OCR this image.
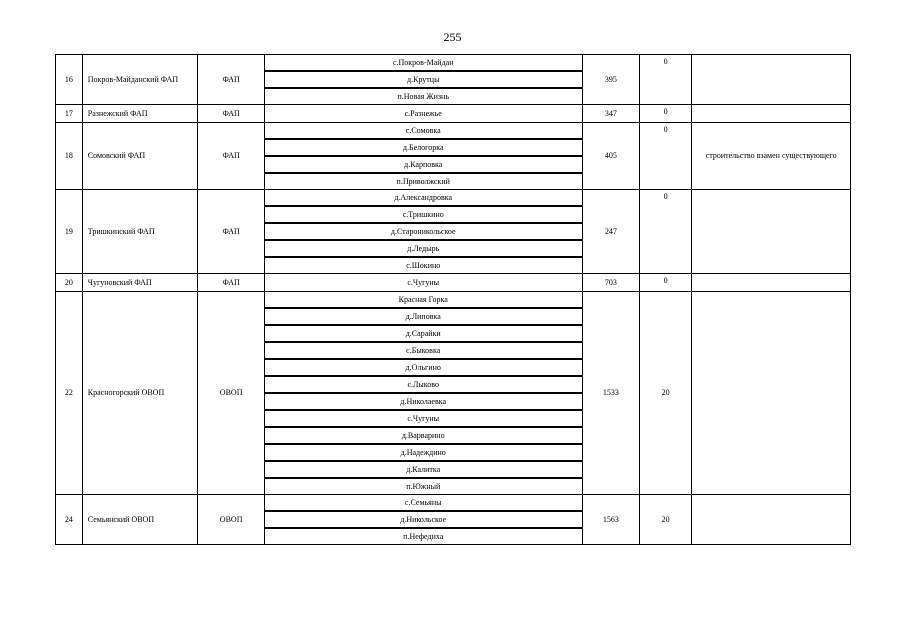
255
16	Покров-Майданский ФАП	ФАП	с.Покров-Майдан	395	0	
			д.Крутцы			
			п.Новая Жизнь			
17	Разнежский ФАП	ФАП	с.Разнежье	347	0	
18	Сомовский ФАП	ФАП	с.Сомовка	405	0	строительство взамен существующего
			д.Белогорка			
			д.Карповка			
			п.Приволжский			
19	Тришкинский ФАП	ФАП	д.Александровка	247	0	
			с.Тришкино			
			д.Староникольское			
			д.Ледырь			
			с.Шокино			
20	Чугуновский ФАП	ФАП	с.Чугуны	703	0	
22	Красногорский ОВОП	ОВОП	Красная Горка	1533	20	
			д.Липовка			
			д.Сарайки			
			с.Быковка			
			д.Ольгино			
			с.Лыково			
			д.Николаевка			
			с.Чугуны			
			д.Варварино			
			д.Надеждино			
			д.Калитка			
			п.Южный			
24	Семьянский ОВОП	ОВОП	с.Семьяны	1563	20	
			д.Никольское			
			п.Нефедиха			
